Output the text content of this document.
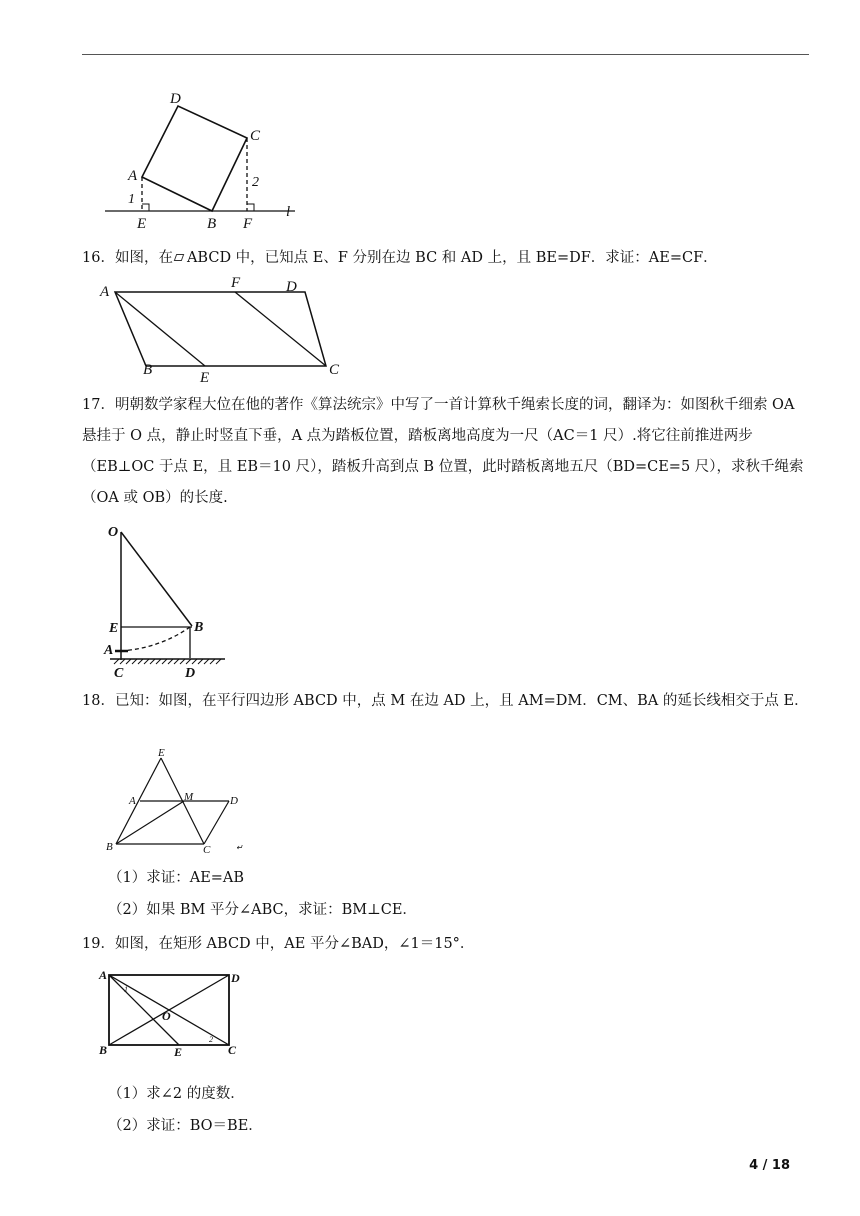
D
C
A
1
2
E	B F
l
16．如图，在 ABCD 中，已知点 E、F 分别在边 BC 和 AD 上，且 BE=DF．求证：AE=CF．
A
F	D
B	E	C
17．明朝数学家程大位在他的著作《算法统宗》中写了一首计算秋千绳索长度的词，翻译为：如图秋千细索 OA 悬挂于 O 点，静止时竖直下垂，A 点为踏板位置，踏板离地高度为一尺（AC＝1 尺）.将它往前推进两步（EB⊥OC 于点 E，且 EB＝10 尺），踏板升高到点 B 位置，此时踏板离地五尺（BD=CE=5 尺），求秋千绳索（OA 或 OB）的长度.
O
E	B
A
C	D
18．已知：如图，在平行四边形 ABCD 中，点 M 在边 AD 上，且 AM=DM．CM、BA 的延长线相交于点 E．
E
A	M	D
B	C	↵
（1）求证：AE=AB
（2）如果 BM 平分∠ABC，求证：BM⊥CE．
19．如图，在矩形 ABCD 中，AE 平分∠BAD，∠1＝15°．
A	D
O
B	E	C
1
2
（1）求∠2 的度数．
（2）求证：BO＝BE．
4 / 18
